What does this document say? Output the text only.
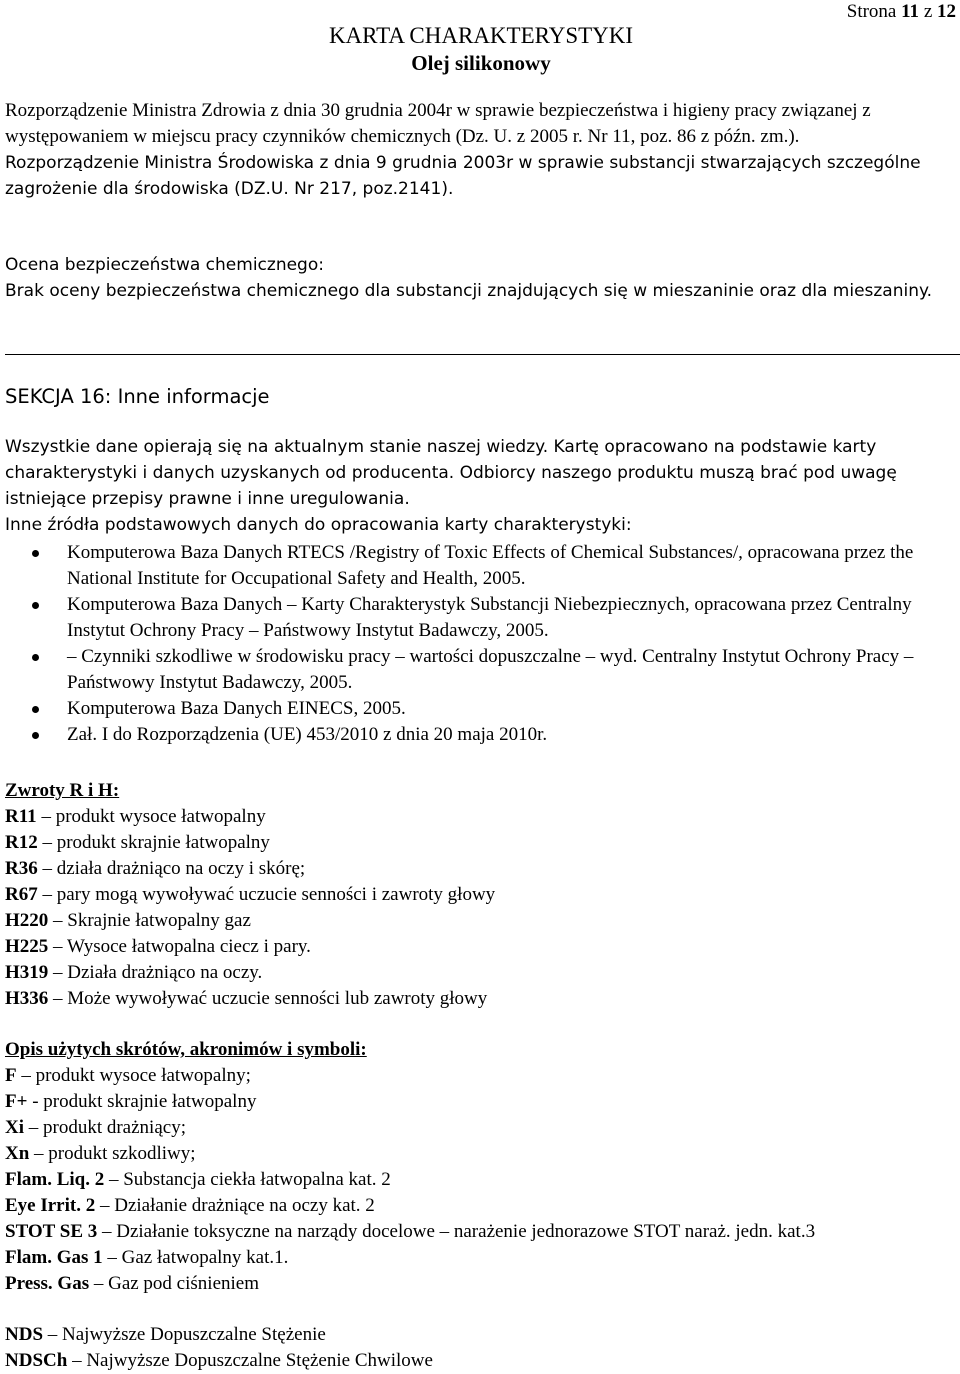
KARTA CHARAKTERYSTYKI
Olej silikonowy
Strona 11 z 12

Rozporządzenie Ministra Zdrowia z dnia 30 grudnia 2004r w sprawie bezpieczeństwa i higieny pracy związanej z występowaniem w miejscu pracy czynników chemicznych (Dz. U. z 2005 r. Nr 11, poz. 86 z późn. zm.).

Rozporządzenie Ministra Środowiska z dnia 9 grudnia 2003r w sprawie substancji stwarzających szczególne zagrożenie dla środowiska (DZ.U. Nr 217, poz.2141).

Ocena bezpieczeństwa chemicznego:

Brak oceny bezpieczeństwa chemicznego dla substancji znajdujących się w mieszaninie oraz dla mieszaniny.

SEKCJA 16: Inne informacje

Wszystkie dane opierają się na aktualnym stanie naszej wiedzy. Kartę opracowano na podstawie karty charakterystyki i danych uzyskanych od producenta. Odbiorcy naszego produktu muszą brać pod uwagę istniejące przepisy prawne i inne uregulowania.

Inne źródła podstawowych danych do opracowania karty charakterystyki:

Komputerowa Baza Danych RTECS /Registry of Toxic Effects of Chemical Substances/, opracowana przez the National Institute for Occupational Safety and Health, 2005.
Komputerowa Baza Danych – Karty Charakterystyk Substancji Niebezpiecznych, opracowana przez Centralny Instytut Ochrony Pracy – Państwowy Instytut Badawczy, 2005.
– Czynniki szkodliwe w środowisku pracy – wartości dopuszczalne – wyd. Centralny Instytut Ochrony Pracy – Państwowy Instytut Badawczy, 2005.
Komputerowa Baza Danych EINECS, 2005.
Zał. I do Rozporządzenia (UE) 453/2010 z dnia 20 maja 2010r.
Zwroty R i H:
R11 – produkt wysoce łatwopalny
R12 – produkt skrajnie łatwopalny
R36 – działa drażniąco na oczy i skórę;
R67 – pary mogą wywoływać uczucie senności i zawroty głowy
H220 – Skrajnie łatwopalny gaz
H225 – Wysoce łatwopalna ciecz i pary.
H319 – Działa drażniąco na oczy.
H336 – Może wywoływać uczucie senności lub zawroty głowy
Opis użytych skrótów, akronimów i symboli:
F – produkt wysoce łatwopalny;
F+ - produkt skrajnie łatwopalny
Xi – produkt drażniący;
Xn – produkt szkodliwy;
Flam. Liq. 2 – Substancja ciekła łatwopalna kat. 2
Eye Irrit. 2 – Działanie drażniące na oczy kat. 2
STOT SE 3 – Działanie toksyczne na narządy docelowe – narażenie jednorazowe STOT naraż. jedn. kat.3
Flam. Gas 1 – Gaz łatwopalny kat.1.
Press. Gas – Gaz pod ciśnieniem
NDS – Najwyższe Dopuszczalne Stężenie
NDSCh – Najwyższe Dopuszczalne Stężenie Chwilowe
